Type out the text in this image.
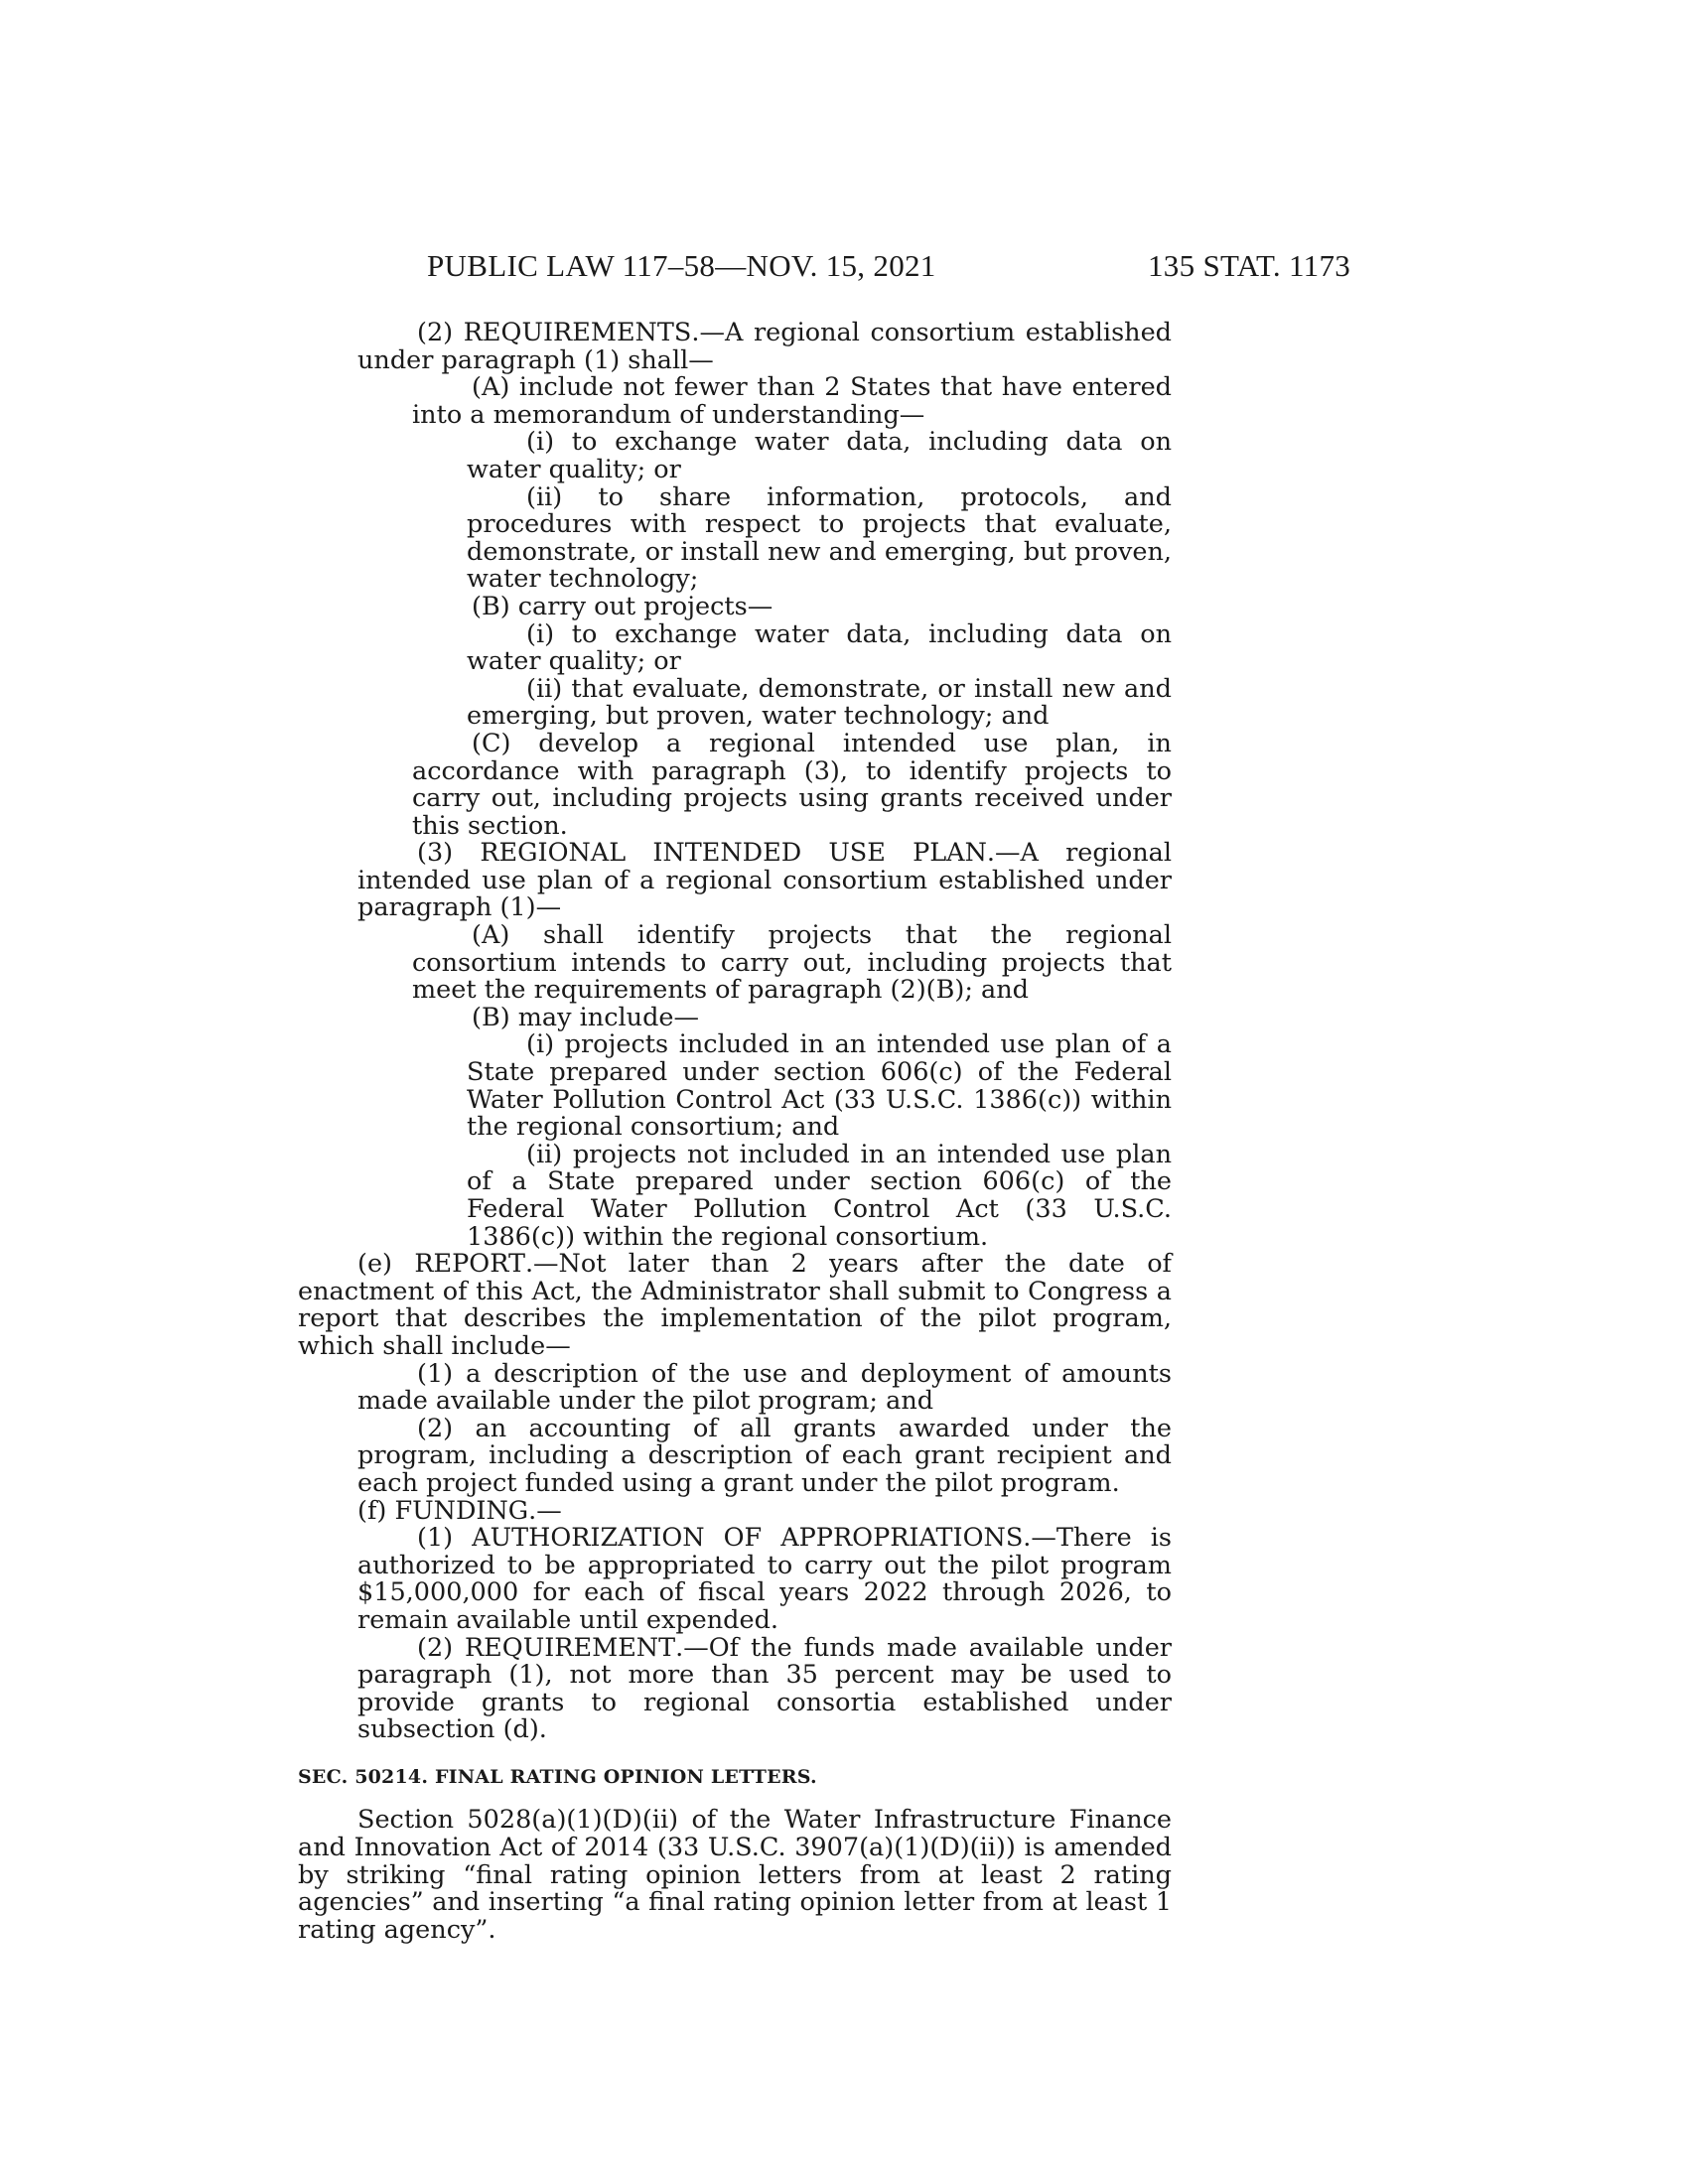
PUBLIC LAW 117–58—NOV. 15, 2021	135 STAT. 1173

(2) REQUIREMENTS.—A regional consortium established under paragraph (1) shall—

(A) include not fewer than 2 States that have entered into a memorandum of understanding—

(i) to exchange water data, including data on water quality; or

(ii) to share information, protocols, and procedures with respect to projects that evaluate, demonstrate, or install new and emerging, but proven, water technology;

(B) carry out projects—

(i) to exchange water data, including data on water quality; or

(ii) that evaluate, demonstrate, or install new and emerging, but proven, water technology; and

(C) develop a regional intended use plan, in accordance with paragraph (3), to identify projects to carry out, including projects using grants received under this section.

(3) REGIONAL INTENDED USE PLAN.—A regional intended use plan of a regional consortium established under paragraph (1)—

(A) shall identify projects that the regional consortium intends to carry out, including projects that meet the requirements of paragraph (2)(B); and

(B) may include—

(i) projects included in an intended use plan of a State prepared under section 606(c) of the Federal Water Pollution Control Act (33 U.S.C. 1386(c)) within the regional consortium; and

(ii) projects not included in an intended use plan of a State prepared under section 606(c) of the Federal Water Pollution Control Act (33 U.S.C. 1386(c)) within the regional consortium.

(e) REPORT.—Not later than 2 years after the date of enactment of this Act, the Administrator shall submit to Congress a report that describes the implementation of the pilot program, which shall include—

(1) a description of the use and deployment of amounts made available under the pilot program; and

(2) an accounting of all grants awarded under the program, including a description of each grant recipient and each project funded using a grant under the pilot program.

(f) FUNDING.—

(1) AUTHORIZATION OF APPROPRIATIONS.—There is authorized to be appropriated to carry out the pilot program $15,000,000 for each of fiscal years 2022 through 2026, to remain available until expended.

(2) REQUIREMENT.—Of the funds made available under paragraph (1), not more than 35 percent may be used to provide grants to regional consortia established under subsection (d).

SEC. 50214. FINAL RATING OPINION LETTERS.

Section 5028(a)(1)(D)(ii) of the Water Infrastructure Finance and Innovation Act of 2014 (33 U.S.C. 3907(a)(1)(D)(ii)) is amended by striking “final rating opinion letters from at least 2 rating agencies” and inserting “a final rating opinion letter from at least 1 rating agency”.
